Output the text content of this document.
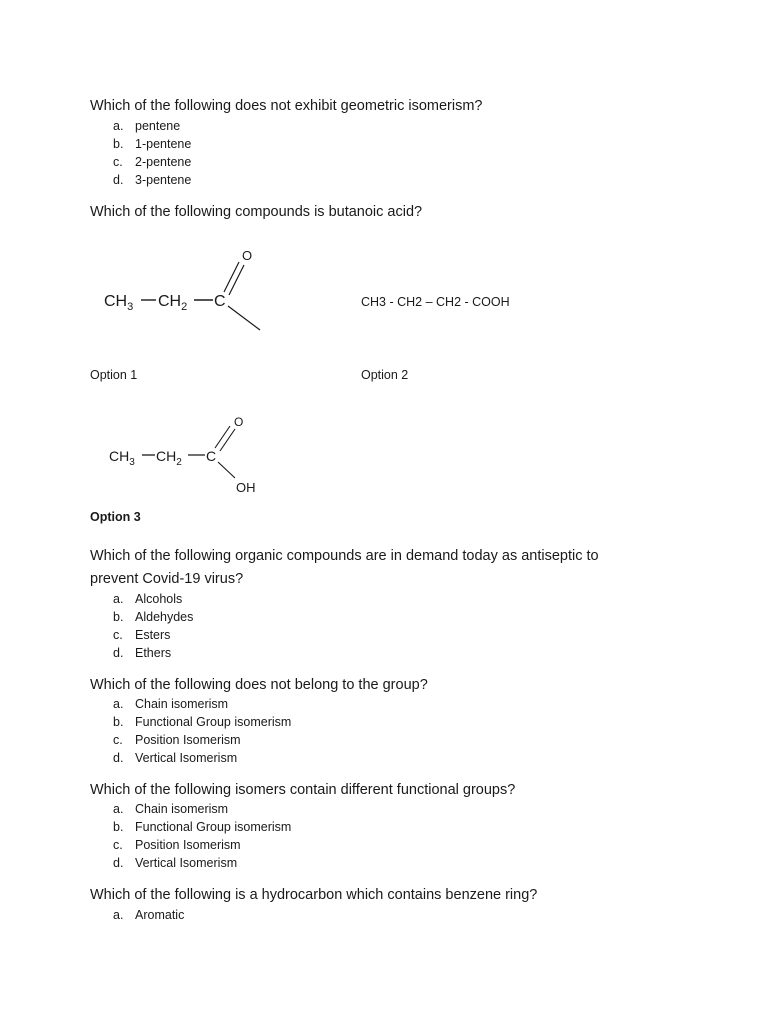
Which of the following does not exhibit geometric isomerism?
a. pentene
b. 1-pentene
c. 2-pentene
d. 3-pentene
Which of the following compounds is butanoic acid?
$CH_3$ $CH_2$ C
O
CH3 - CH2 – CH2 - COOH
Option 1	Option 2
$CH_3$ $CH_2$ C
O
OH
Option 3
Which of the following organic compounds are in demand today as antiseptic to prevent Covid-19 virus?
a. Alcohols
b. Aldehydes
c. Esters
d. Ethers
Which of the following does not belong to the group?
a. Chain isomerism
b. Functional Group isomerism
c. Position Isomerism
d. Vertical Isomerism
Which of the following isomers contain different functional groups?
a. Chain isomerism
b. Functional Group isomerism
c. Position Isomerism
d. Vertical Isomerism
Which of the following is a hydrocarbon which contains benzene ring?
a. Aromatic
